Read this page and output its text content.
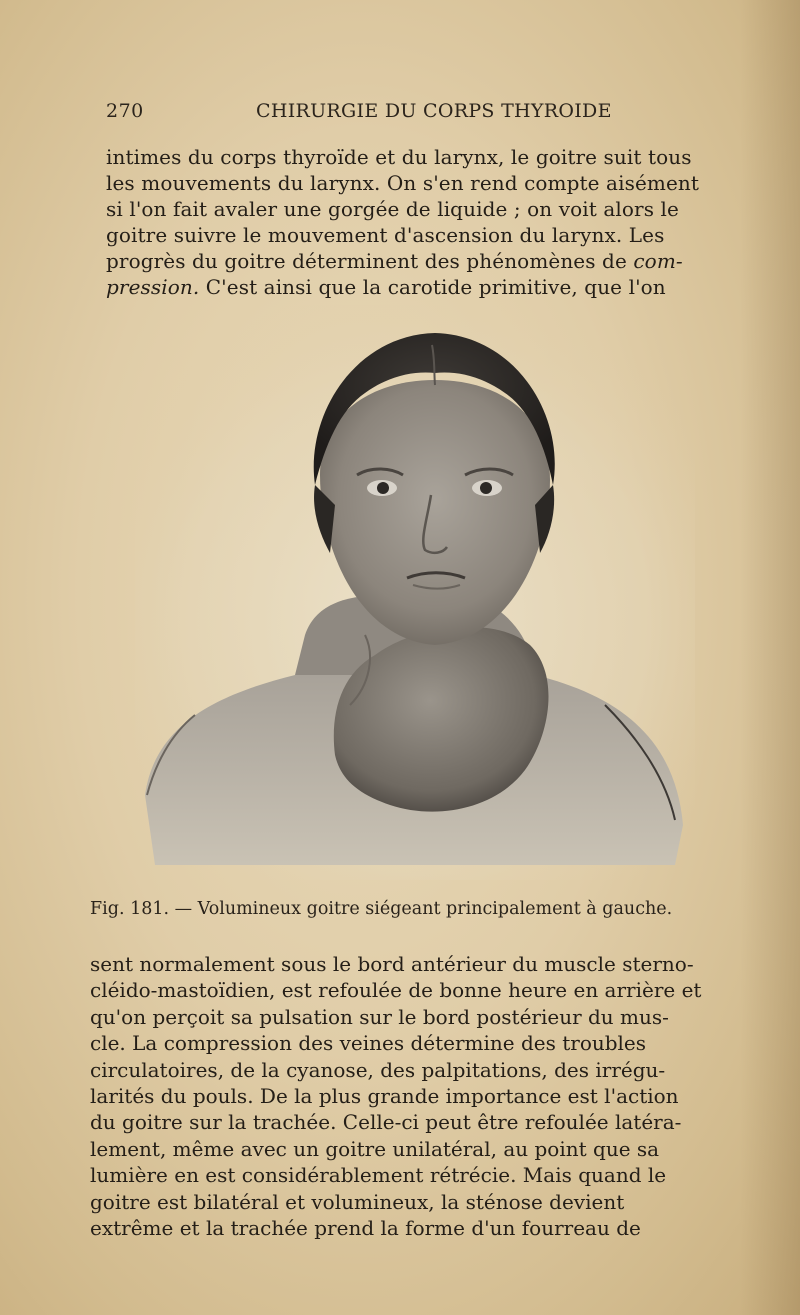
270	CHIRURGIE DU CORPS THYROIDE
intimes du corps thyroïde et du larynx, le goitre suit tous
les mouvements du larynx. On s'en rend compte aisément
si l'on fait avaler une gorgée de liquide ; on voit alors le
goitre suivre le mouvement d'ascension du larynx. Les
progrès du goitre déterminent des phénomènes de com-
pression. C'est ainsi que la carotide primitive, que l'on
Fig. 181. — Volumineux goitre siégeant principalement à gauche.
sent normalement sous le bord antérieur du muscle sterno-
cléido-mastoïdien, est refoulée de bonne heure en arrière et
qu'on perçoit sa pulsation sur le bord postérieur du mus-
cle. La compression des veines détermine des troubles
circulatoires, de la cyanose, des palpitations, des irrégu-
larités du pouls. De la plus grande importance est l'action
du goitre sur la trachée. Celle-ci peut être refoulée latéra-
lement, même avec un goitre unilatéral, au point que sa
lumière en est considérablement rétrécie. Mais quand le
goitre est bilatéral et volumineux, la sténose devient
extrême et la trachée prend la forme d'un fourreau de
